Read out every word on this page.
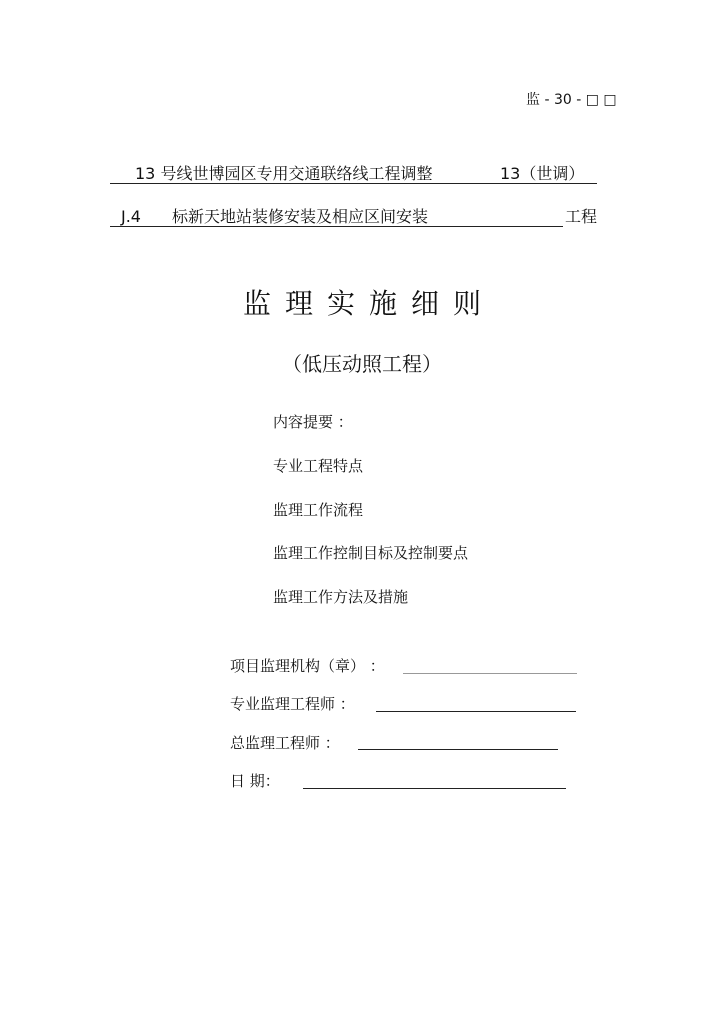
监 - 30 - □ □
13 号线世博园区专用交通联络线工程调整	13（世调）
J.4 标新天地站装修安装及相应区间安装	工程
监理实施细则
（低压动照工程）
内容提要 ：
专业工程特点
监理工作流程
监理工作控制目标及控制要点
监理工作方法及措施
项目监理机构（章） ：
专业监理工程师 ：
总监理工程师 ：
日 期：
